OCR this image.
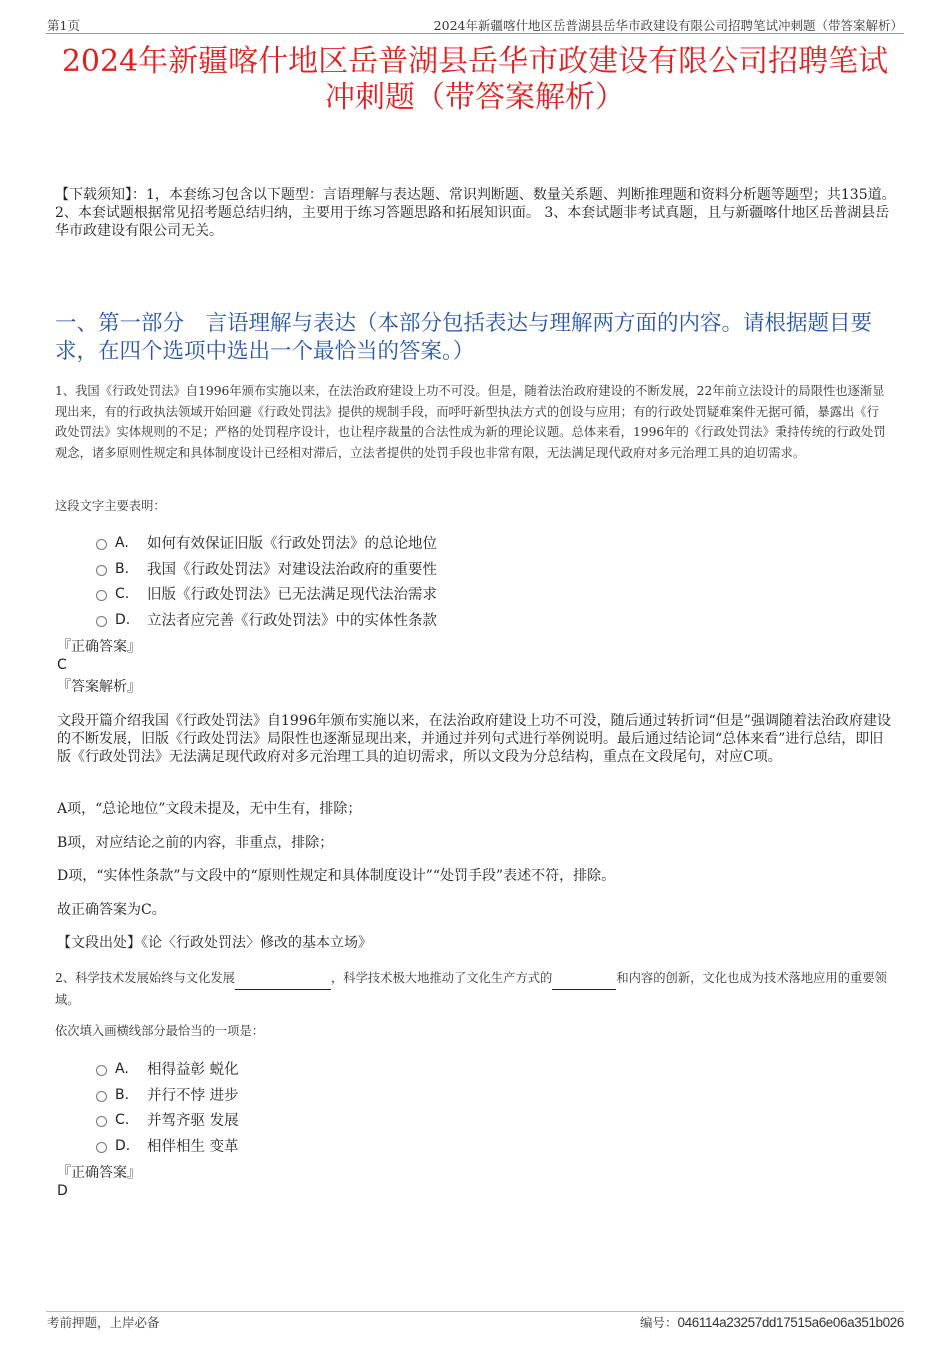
第1页	2024年新疆喀什地区岳普湖县岳华市政建设有限公司招聘笔试冲刺题（带答案解析）
2024年新疆喀什地区岳普湖县岳华市政建设有限公司招聘笔试
冲刺题（带答案解析）
【下载须知】：1，本套练习包含以下题型：言语理解与表达题、常识判断题、数量关系题、判断推理题和资料分析题等题型；共135道。 2、本套试题根据常见招考题总结归纳，主要用于练习答题思路和拓展知识面。 3、本套试题非考试真题，且与新疆喀什地区岳普湖县岳华市政建设有限公司无关。
一、第一部分　言语理解与表达（本部分包括表达与理解两方面的内容。请根据题目要求，在四个选项中选出一个最恰当的答案。）
1、我国《行政处罚法》自1996年颁布实施以来，在法治政府建设上功不可没。但是，随着法治政府建设的不断发展，22年前立法设计的局限性也逐渐显现出来，有的行政执法领域开始回避《行政处罚法》提供的规制手段，而呼吁新型执法方式的创设与应用；有的行政处罚疑难案件无据可循，暴露出《行政处罚法》实体规则的不足；严格的处罚程序设计，也让程序裁量的合法性成为新的理论议题。总体来看，1996年的《行政处罚法》秉持传统的行政处罚观念，诸多原则性规定和具体制度设计已经相对滞后，立法者提供的处罚手段也非常有限，无法满足现代政府对多元治理工具的迫切需求。
这段文字主要表明：
A.	如何有效保证旧版《行政处罚法》的总论地位
B.	我国《行政处罚法》对建设法治政府的重要性
C.	旧版《行政处罚法》已无法满足现代法治需求
D.	立法者应完善《行政处罚法》中的实体性条款
『正确答案』
C
『答案解析』
文段开篇介绍我国《行政处罚法》自1996年颁布实施以来，在法治政府建设上功不可没，随后通过转折词“但是”强调随着法治政府建设的不断发展，旧版《行政处罚法》局限性也逐渐显现出来，并通过并列句式进行举例说明。最后通过结论词“总体来看”进行总结，即旧版《行政处罚法》无法满足现代政府对多元治理工具的迫切需求，所以文段为分总结构，重点在文段尾句，对应C项。
A项，“总论地位”文段未提及，无中生有，排除；
B项，对应结论之前的内容，非重点，排除；
D项，“实体性条款”与文段中的“原则性规定和具体制度设计”“处罚手段”表述不符，排除。
故正确答案为C。
【文段出处】《论〈行政处罚法〉修改的基本立场》
2、科学技术发展始终与文化发展	，科学技术极大地推动了文化生产方式的	和内容的创新，文化也成为技术落地应用的重要领域。
依次填入画横线部分最恰当的一项是：
A.	相得益彰 蜕化
B.	并行不悖 进步
C.	并驾齐驱 发展
D.	相伴相生 变革
『正确答案』
D
考前押题，上岸必备	编号：046114a23257dd17515a6e06a351b026
